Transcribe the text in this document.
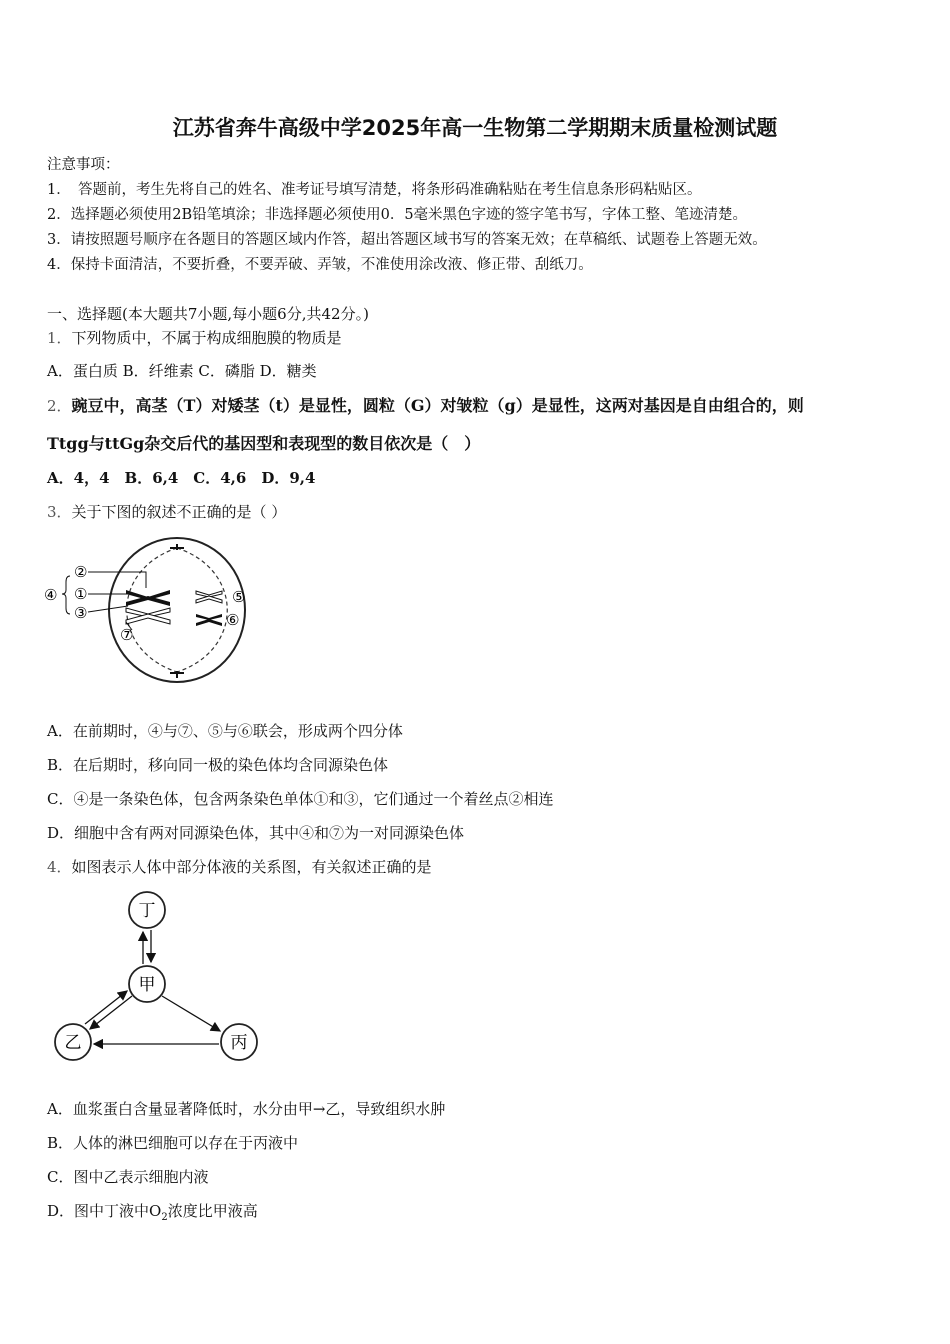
江苏省奔牛高级中学2025年高一生物第二学期期末质量检测试题
注意事项：
1．　答题前，考生先将自己的姓名、准考证号填写清楚，将条形码准确粘贴在考生信息条形码粘贴区。
2．选择题必须使用2B铅笔填涂；非选择题必须使用0．5毫米黑色字迹的签字笔书写，字体工整、笔迹清楚。
3．请按照题号顺序在各题目的答题区域内作答，超出答题区域书写的答案无效；在草稿纸、试题卷上答题无效。
4．保持卡面清洁，不要折叠，不要弄破、弄皱，不准使用涂改液、修正带、刮纸刀。
一、选择题(本大题共7小题,每小题6分,共42分。)
1．下列物质中，不属于构成细胞膜的物质是
A．蛋白质 B．纤维素 C．磷脂 D．糖类
2．豌豆中，高茎（T）对矮茎（t）是显性，圆粒（G）对皱粒（g）是显性，这两对基因是自由组合的，则
Ttgg与ttGg杂交后代的基因型和表现型的数目依次是（　）
A．4，4　B．6,4　C．4,6　D．9,4
3．关于下图的叙述不正确的是（ ）
②
①
③
④	⑤
⑥
⑦
A．在前期时，④与⑦、⑤与⑥联会，形成两个四分体
B．在后期时，移向同一极的染色体均含同源染色体
C．④是一条染色体，包含两条染色单体①和③，它们通过一个着丝点②相连
D．细胞中含有两对同源染色体，其中④和⑦为一对同源染色体
4．如图表示人体中部分体液的关系图，有关叙述正确的是
丁
甲
乙	丙
A．血浆蛋白含量显著降低时，水分由甲→乙，导致组织水肿
B．人体的淋巴细胞可以存在于丙液中
C．图中乙表示细胞内液
D．图中丁液中$O_2$浓度比甲液高
